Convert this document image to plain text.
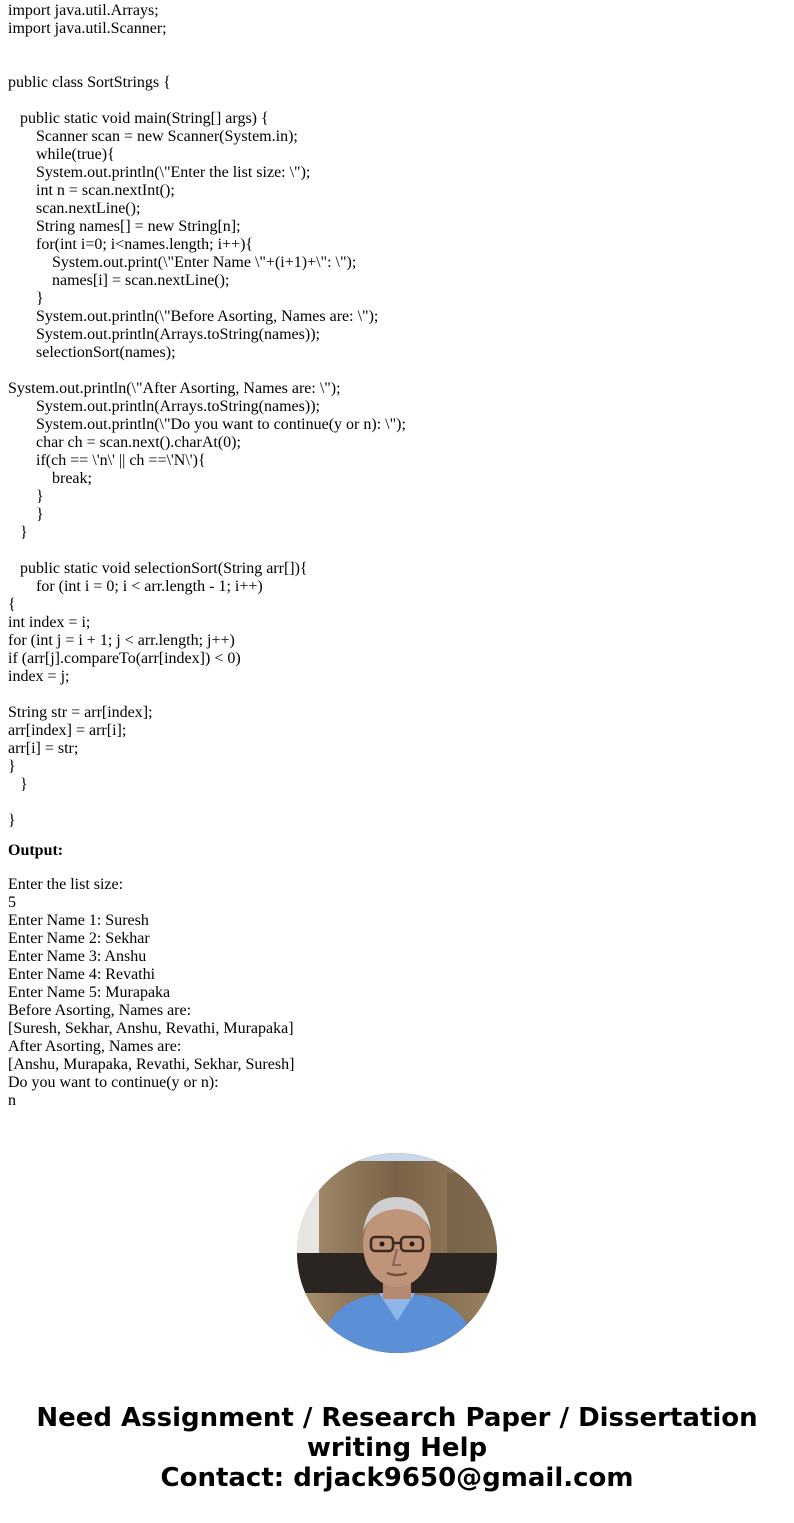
import java.util.Arrays;
import java.util.Scanner;
public class SortStrings {
public static void main(String[] args) {
Scanner scan = new Scanner(System.in);
while(true){
System.out.println(\"Enter the list size: \");
int n = scan.nextInt();
scan.nextLine();
String names[] = new String[n];
for(int i=0; i<names.length; i++){
System.out.print(\"Enter Name \"+(i+1)+\": \");
names[i] = scan.nextLine();
}
System.out.println(\"Before Asorting, Names are: \");
System.out.println(Arrays.toString(names));
selectionSort(names);
System.out.println(\"After Asorting, Names are: \");
System.out.println(Arrays.toString(names));
System.out.println(\"Do you want to continue(y or n): \");
char ch = scan.next().charAt(0);
if(ch == \'n\' || ch ==\'N\'){
break;
}
}
}
public static void selectionSort(String arr[]){
for (int i = 0; i < arr.length - 1; i++)
{
int index = i;
for (int j = i + 1; j < arr.length; j++)
if (arr[j].compareTo(arr[index]) < 0)
index = j;
String str = arr[index];
arr[index] = arr[i];
arr[i] = str;
}
}
}
Output:
Enter the list size:
5
Enter Name 1: Suresh
Enter Name 2: Sekhar
Enter Name 3: Anshu
Enter Name 4: Revathi
Enter Name 5: Murapaka
Before Asorting, Names are:
[Suresh, Sekhar, Anshu, Revathi, Murapaka]
After Asorting, Names are:
[Anshu, Murapaka, Revathi, Sekhar, Suresh]
Do you want to continue(y or n):
n
Need Assignment / Research Paper / Dissertation
writing Help
Contact: drjack9650@gmail.com
